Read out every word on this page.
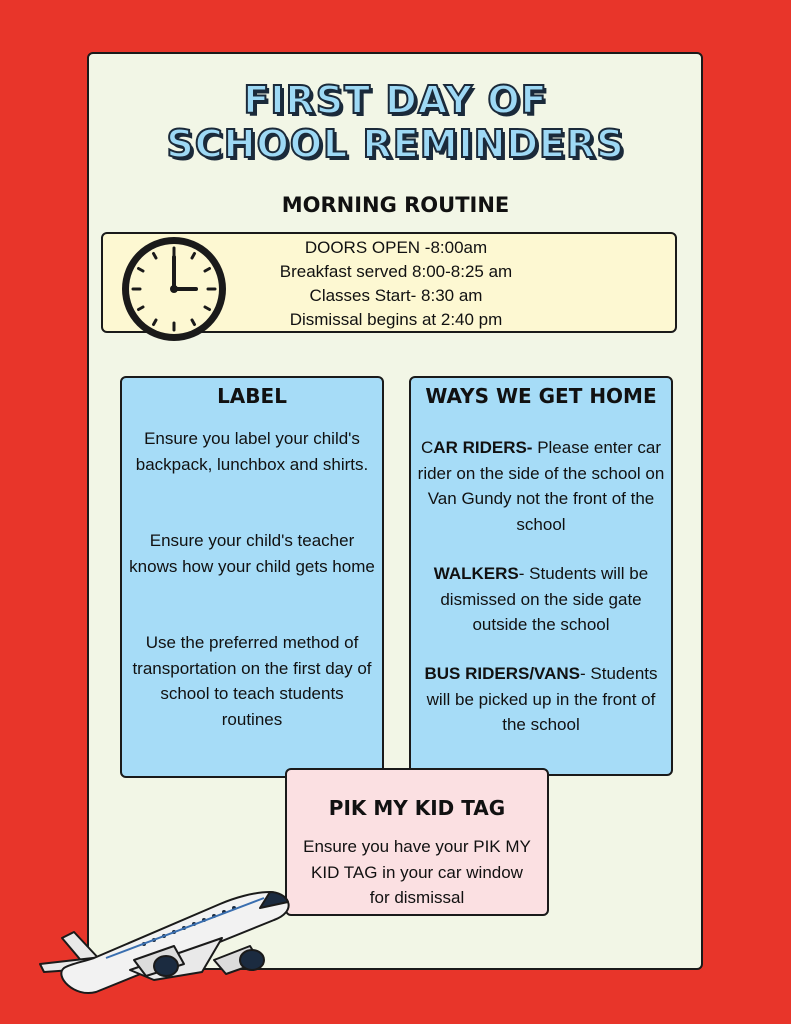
FIRST DAY OF
SCHOOL REMINDERS
MORNING ROUTINE
DOORS OPEN -8:00am
Breakfast served 8:00-8:25 am
Classes Start- 8:30 am
Dismissal begins at 2:40 pm
LABEL
Ensure you label your child's backpack, lunchbox and shirts.
Ensure your child's teacher knows how your child gets home
Use the preferred method of transportation on the first day of school to teach students routines
WAYS WE GET HOME
CAR RIDERS- Please enter car rider on the side of the school on Van Gundy not the front of the school
WALKERS- Students will be dismissed on the side gate outside the school
BUS RIDERS/VANS- Students will be picked up in the front of the school
PIK MY KID TAG
Ensure you have your PIK MY KID TAG in your car window for dismissal
